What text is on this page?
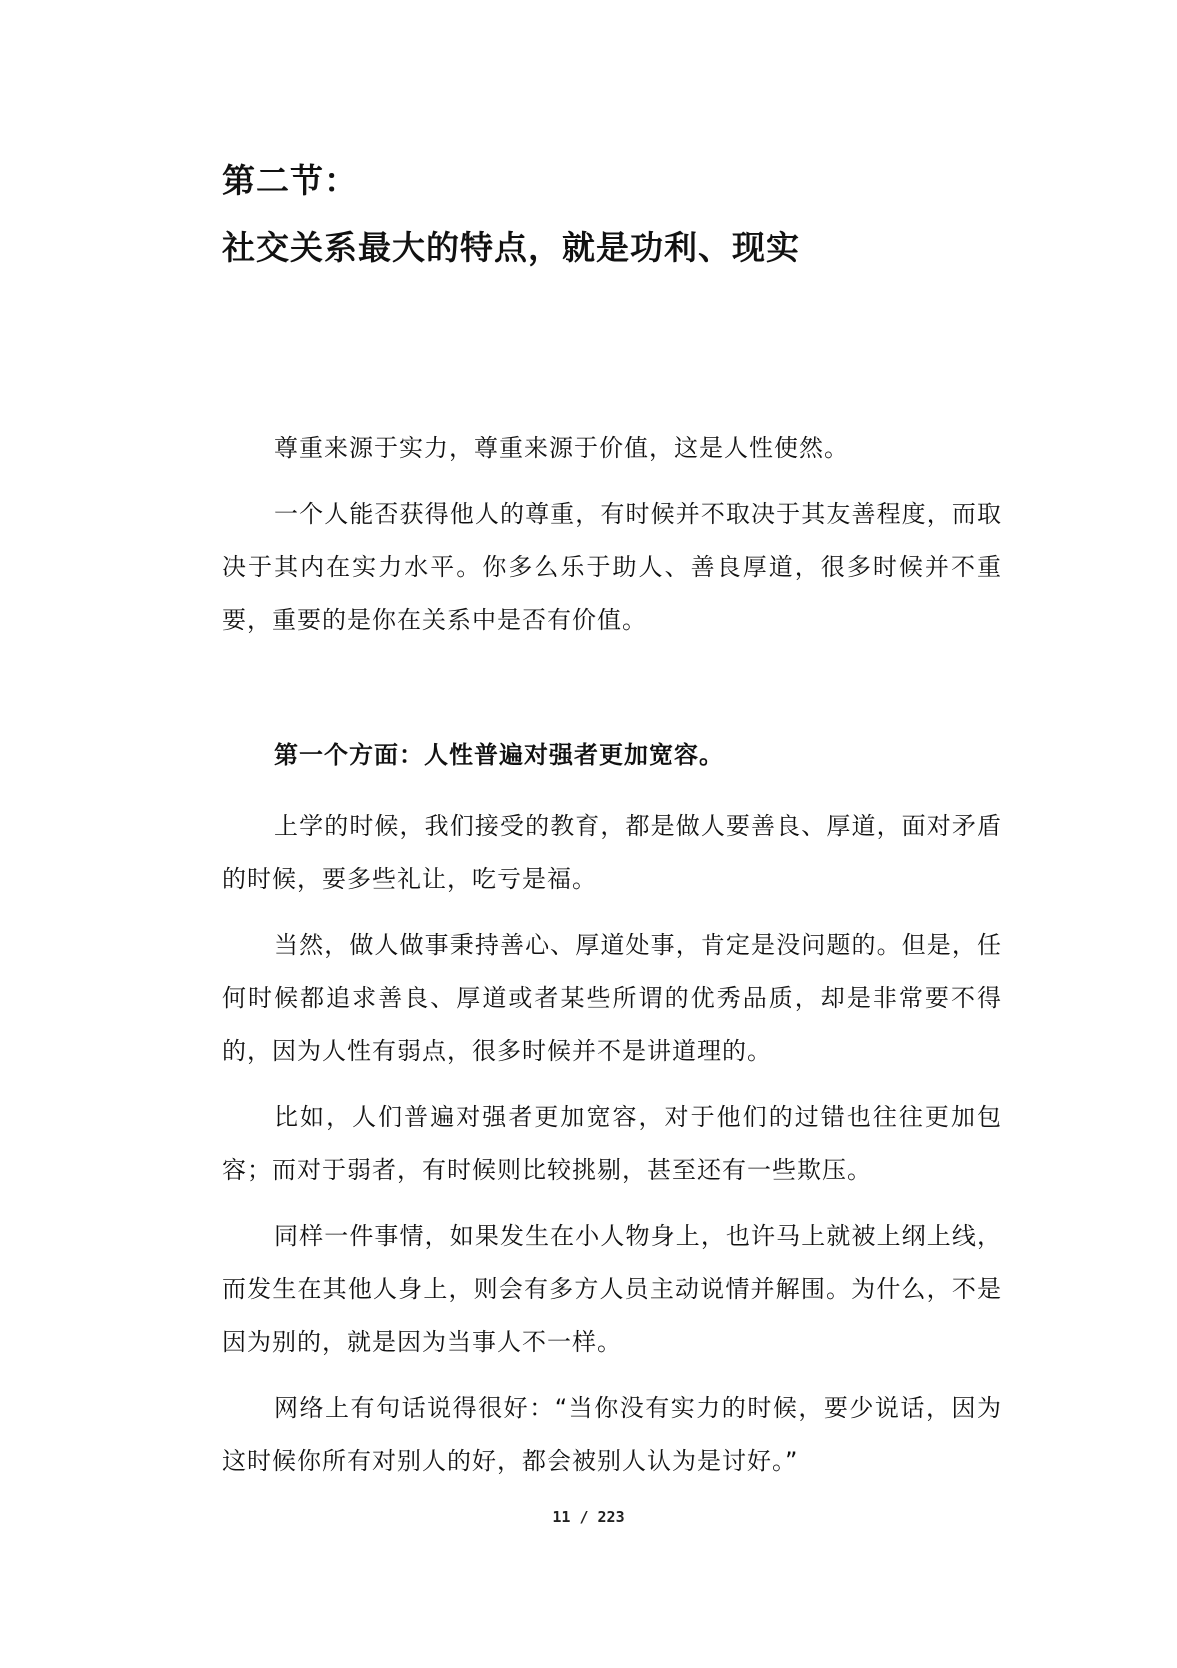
第二节：
社交关系最大的特点，就是功利、现实

尊重来源于实力，尊重来源于价值，这是人性使然。

一个人能否获得他人的尊重，有时候并不取决于其友善程度，而取决于其内在实力水平。你多么乐于助人、善良厚道，很多时候并不重要，重要的是你在关系中是否有价值。

第一个方面：人性普遍对强者更加宽容。

上学的时候，我们接受的教育，都是做人要善良、厚道，面对矛盾的时候，要多些礼让，吃亏是福。

当然，做人做事秉持善心、厚道处事，肯定是没问题的。但是，任何时候都追求善良、厚道或者某些所谓的优秀品质，却是非常要不得的，因为人性有弱点，很多时候并不是讲道理的。

比如，人们普遍对强者更加宽容，对于他们的过错也往往更加包容；而对于弱者，有时候则比较挑剔，甚至还有一些欺压。

同样一件事情，如果发生在小人物身上，也许马上就被上纲上线，而发生在其他人身上，则会有多方人员主动说情并解围。为什么，不是因为别的，就是因为当事人不一样。

网络上有句话说得很好：“当你没有实力的时候，要少说话，因为这时候你所有对别人的好，都会被别人认为是讨好。”

11 / 223
